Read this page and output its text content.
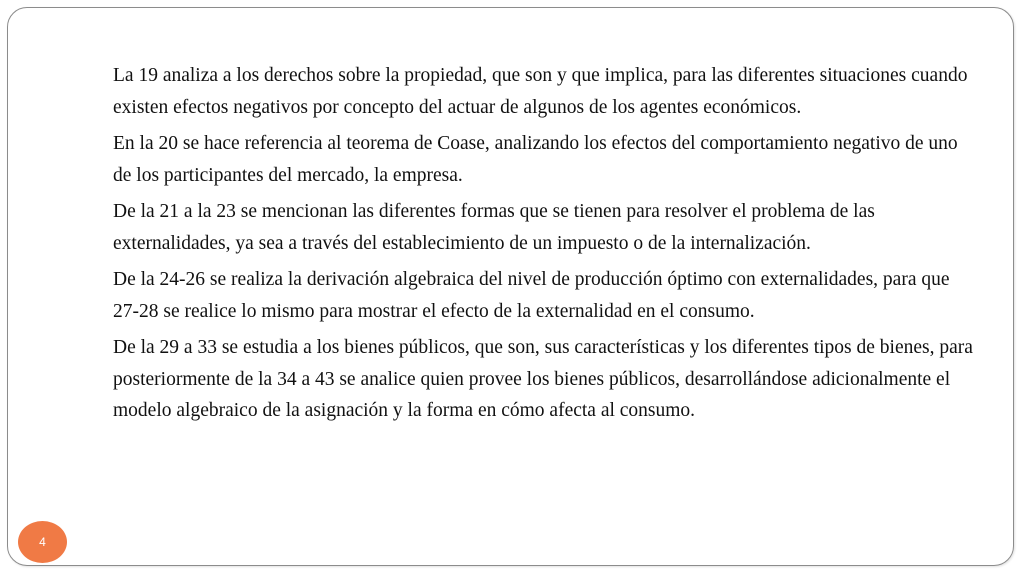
La 19 analiza a los derechos sobre la propiedad, que son y que implica, para las diferentes situaciones cuando existen efectos negativos por concepto del actuar de algunos de los agentes económicos.

En la 20 se hace referencia al teorema de Coase, analizando los efectos del comportamiento negativo de uno de los participantes del mercado, la empresa.

De la 21 a la 23 se mencionan las diferentes formas que se tienen para resolver el problema de las externalidades, ya sea a través del establecimiento de un impuesto o de la internalización.

De la 24-26 se realiza la derivación algebraica del nivel de producción óptimo con externalidades, para que 27-28 se realice lo mismo para mostrar el efecto de la externalidad en el consumo.

De la 29 a 33 se estudia a los bienes públicos, que son, sus características y los diferentes tipos de bienes, para posteriormente de la 34 a 43 se analice quien provee los bienes públicos, desarrollándose adicionalmente el modelo algebraico de la asignación y la forma en cómo afecta al consumo.

4
